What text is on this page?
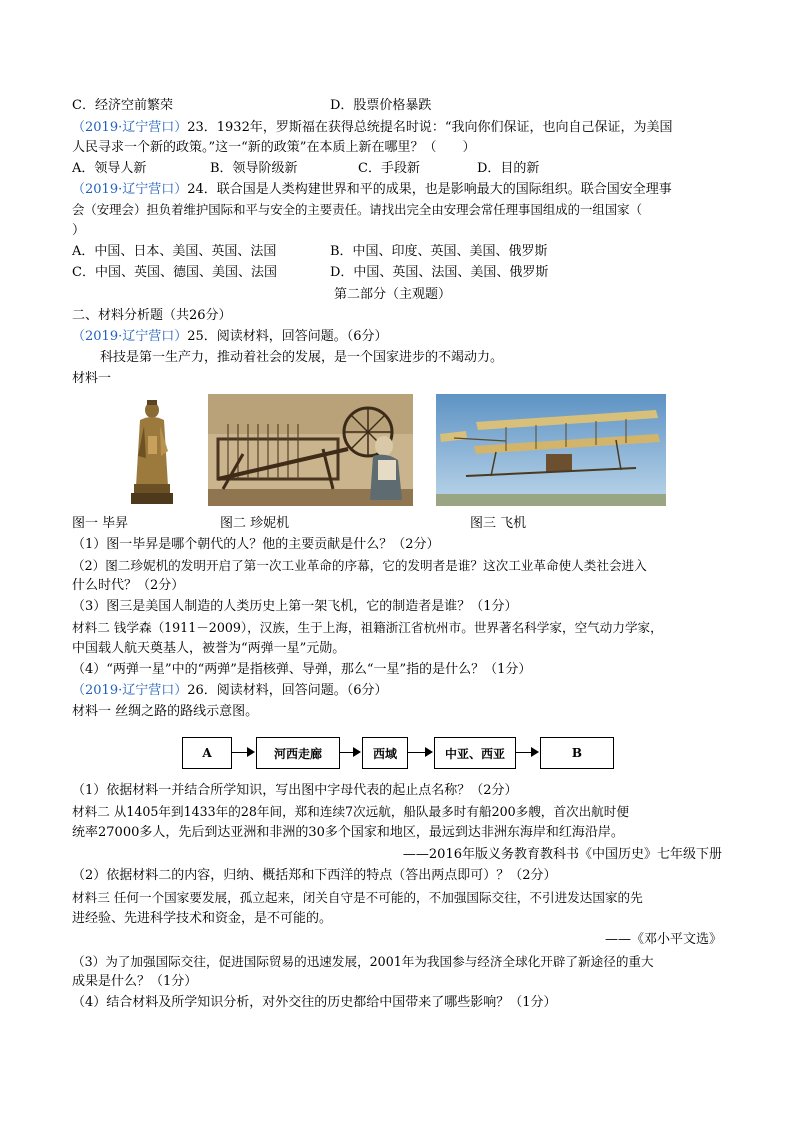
C．经济空前繁荣	D．股票价格暴跌
（2019·辽宁营口）23．1932年，罗斯福在获得总统提名时说：“我向你们保证，也向自己保证，为美国
人民寻求一个新的政策。”这一“新的政策”在本质上新在哪里？（　　）
A．领导人新	B．领导阶级新	C．手段新	D．目的新
（2019·辽宁营口）24．联合国是人类构建世界和平的成果，也是影响最大的国际组织。联合国安全理事
会（安理会）担负着维护国际和平与安全的主要责任。请找出完全由安理会常任理事国组成的一组国家（
）
A．中国、日本、美国、英国、法国	B．中国、印度、英国、美国、俄罗斯
C．中国、英国、德国、美国、法国	D．中国、英国、法国、美国、俄罗斯
第二部分（主观题）
二、材料分析题（共26分）
（2019·辽宁营口）25．阅读材料，回答问题。（6分）
科技是第一生产力，推动着社会的发展，是一个国家进步的不竭动力。
材料一
图一 毕昇	图二 珍妮机	图三 飞机
（1）图一毕昇是哪个朝代的人？他的主要贡献是什么？（2分）
（2）图二珍妮机的发明开启了第一次工业革命的序幕，它的发明者是谁？这次工业革命使人类社会进入
什么时代？（2分）
（3）图三是美国人制造的人类历史上第一架飞机，它的制造者是谁？（1分）
材料二 钱学森（1911－2009），汉族，生于上海，祖籍浙江省杭州市。世界著名科学家，空气动力学家，
中国载人航天奠基人，被誉为“两弹一星”元勋。
（4）“两弹一星”中的“两弹”是指核弹、导弹，那么“一星”指的是什么？（1分）
（2019·辽宁营口）26．阅读材料，回答问题。（6分）
材料一 丝绸之路的路线示意图。
A	河西走廊	西域	中亚、西亚	B
（1）依据材料一并结合所学知识，写出图中字母代表的起止点名称？（2分）
材料二 从1405年到1433年的28年间，郑和连续7次远航，船队最多时有船200多艘，首次出航时便
统率27000多人，先后到达亚洲和非洲的30多个国家和地区，最远到达非洲东海岸和红海沿岸。
——2016年版义务教育教科书《中国历史》七年级下册
（2）依据材料二的内容，归纳、概括郑和下西洋的特点（答出两点即可）？（2分）
材料三 任何一个国家要发展，孤立起来，闭关自守是不可能的，不加强国际交往，不引进发达国家的先
进经验、先进科学技术和资金，是不可能的。
——《邓小平文选》
（3）为了加强国际交往，促进国际贸易的迅速发展，2001年为我国参与经济全球化开辟了新途径的重大
成果是什么？（1分）
（4）结合材料及所学知识分析，对外交往的历史都给中国带来了哪些影响？（1分）
